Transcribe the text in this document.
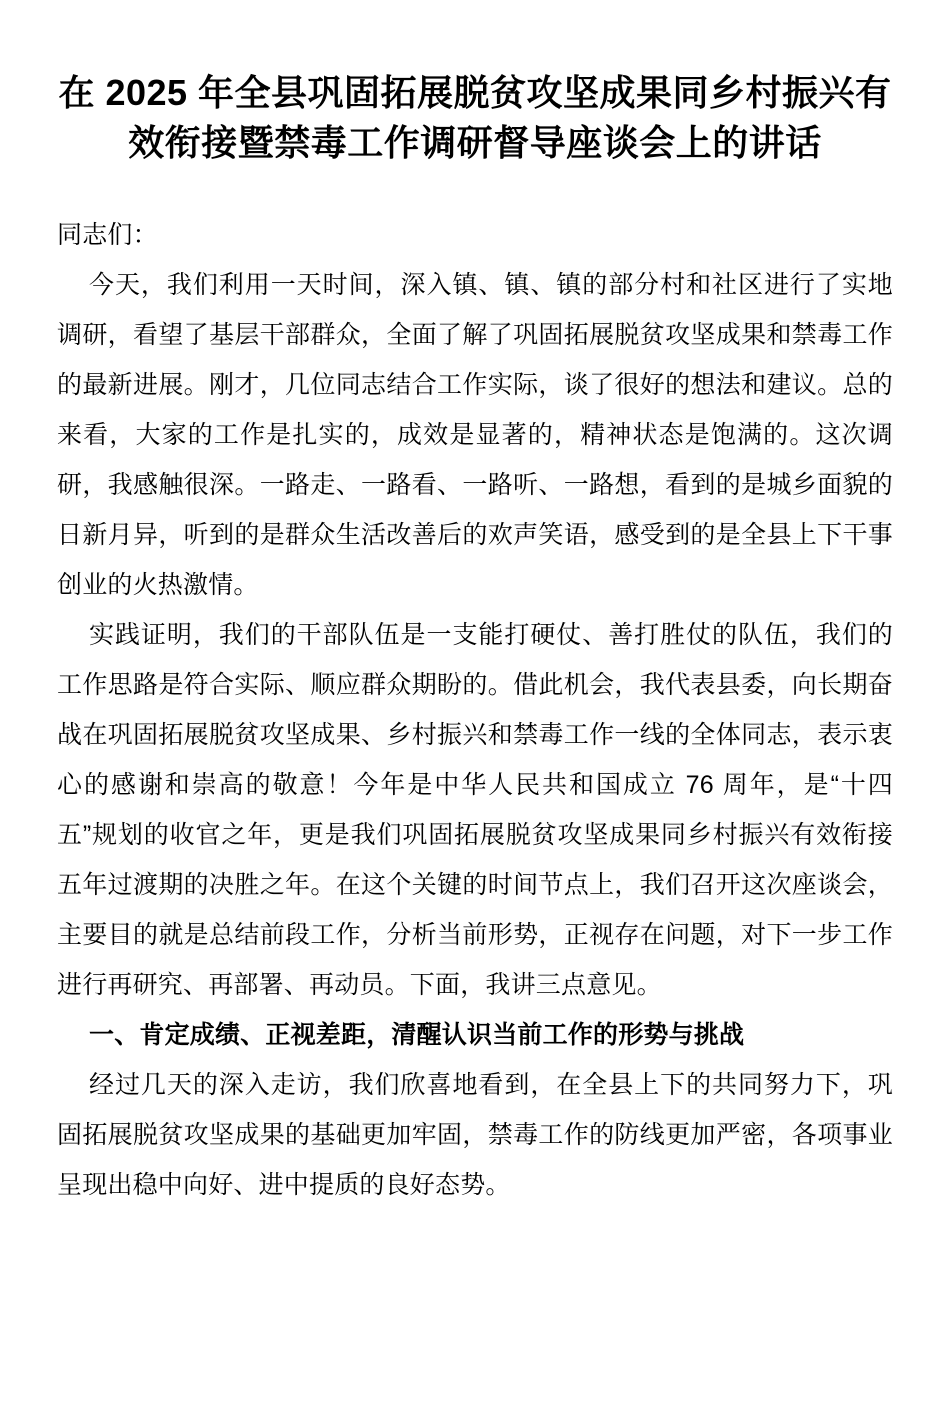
在 2025 年全县巩固拓展脱贫攻坚成果同乡村振兴有效衔接暨禁毒工作调研督导座谈会上的讲话

同志们：

今天，我们利用一天时间，深入镇、镇、镇的部分村和社区进行了实地调研，看望了基层干部群众，全面了解了巩固拓展脱贫攻坚成果和禁毒工作的最新进展。刚才，几位同志结合工作实际，谈了很好的想法和建议。总的来看，大家的工作是扎实的，成效是显著的，精神状态是饱满的。这次调研，我感触很深。一路走、一路看、一路听、一路想，看到的是城乡面貌的日新月异，听到的是群众生活改善后的欢声笑语，感受到的是全县上下干事创业的火热激情。

实践证明，我们的干部队伍是一支能打硬仗、善打胜仗的队伍，我们的工作思路是符合实际、顺应群众期盼的。借此机会，我代表县委，向长期奋战在巩固拓展脱贫攻坚成果、乡村振兴和禁毒工作一线的全体同志，表示衷心的感谢和崇高的敬意！今年是中华人民共和国成立 76 周年，是“十四五”规划的收官之年，更是我们巩固拓展脱贫攻坚成果同乡村振兴有效衔接五年过渡期的决胜之年。在这个关键的时间节点上，我们召开这次座谈会，主要目的就是总结前段工作，分析当前形势，正视存在问题，对下一步工作进行再研究、再部署、再动员。下面，我讲三点意见。

一、肯定成绩、正视差距，清醒认识当前工作的形势与挑战

经过几天的深入走访，我们欣喜地看到，在全县上下的共同努力下，巩固拓展脱贫攻坚成果的基础更加牢固，禁毒工作的防线更加严密，各项事业呈现出稳中向好、进中提质的良好态势。
